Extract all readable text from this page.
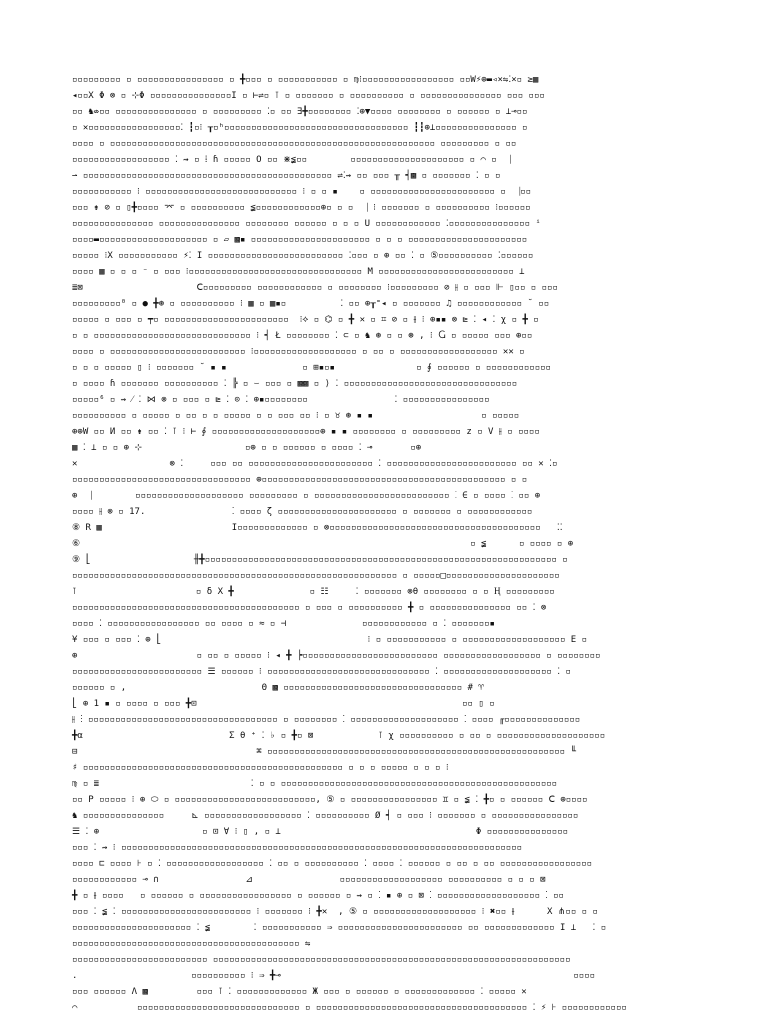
▫▫▫▫▫▫▫▫▫ ▫ ▫▫▫▫▫▫▫▫▫▫▫▫▫▫▫▫ ▫ ╋▫▫▫ ▫ ▫▫▫▫▫▫▫▫▫▫▫ ▫ ♍⁝▫▫▫▫▫▫▫▫▫▫▫▫▫▫▫▫▫ ▫▫W⚡⊕▬◃×⇋⁚×▫ ≥▦
◂▫▫X Φ ⊗ ▫ ⊹Φ ▫▫▫▫▫▫▫▫▫▫▫▫▫▫▫I ▫ ⊢⇌▫ ⊺ ▫ ▫▫▫▫▫▫▫ ▫ ▫▫▫▫▫▫▫▫▫▫ ▫ ▫▫▫▫▫▫▫▫▫▫▫▫▫▫▫ ▫▫▫ ▫▫▫
▫▫ ♞⇎▫▫ ▫▫▫▫▫▫▫▫▫▫▫▫▫▫▫ ▫ ▫▫▫▫▫▫▫▫▫ ⁚▫ ▫▫ ∃╋▫▫▫▫▫▫▫▫ ⁚⊕▼▫▫▫▫ ▫▫▫▫▫▫▫▫ ▫ ▫▫▫▫▫▫ ▫ ⊥⊸▫▫
▫ ✕▫▫▫▫▫▫▫▫▫▫▫▫▫▫▫▫▫⁚ ┇▫⁝ ┰▫ʰ▫▫▫▫▫▫▫▫▫▫▫▫▫▫▫▫▫▫▫▫▫▫▫▫▫▫▫▫▫▫▫▫▫▫ ┇┇⊕⊥▫▫▫▫▫▫▫▫▫▫▫▫▫▫▫ ▫
▫▫▫▫ ▫ ▫▫▫▫▫▫▫▫▫▫▫▫▫▫▫▫▫▫▫▫▫▫▫▫▫▫▫▫▫▫▫▫▫▫▫▫▫▫▫▫▫▫▫▫▫▫▫▫▫▫▫▫▫▫▫▫▫▫▫▫ ▫▫▫▫▫▫▫▫▫ ▫ ▫▫
▫▫▫▫▫▫▫▫▫▫▫▫▫▫▫▫▫▫ ⁚ ⇝ ▫ ⁞ ɦ ▫▫▫▫▫ O ▫▫ ⋇≨▫▫        ▫▫▫▫▫▫▫▫▫▫▫▫▫▫▫▫▫▫▫▫▫ ▫ ⌒ ▫ ⎹
⇀ ▫▫▫▫▫▫▫▫▫▫▫▫▫▫▫▫▫▫▫▫▫▫▫▫▫▫▫▫▫▫▫▫▫▫▫▫▫▫▫▫▫▫▫▫▫▫ ⇌⁚⇝ ▫▫ ▫▫▫ ╥ ┥▩ ▫ ▫▫▫▫▫▫▫ ⁚ ▫ ▫
▫▫▫▫▫▫▫▫▫▫▫ ⁝ ▫▫▫▫▫▫▫▫▫▫▫▫▫▫▫▫▫▫▫▫▫▫▫▫▫▫▫▫ ⁝ ▫ ▫ ▪    ▫ ▫▫▫▫▫▫▫▫▫▫▫▫▫▫▫▫▫▫▫▫▫▫▫ ▫ ⎹▫▫
▫▫▫ ⇟ ⊘ ▫ ▯╋▫▫▫▫ ⌤ ▫ ▫▫▫▫▫▫▫▫▫▫ ≨▫▫▫▫▫▫▫▫▫▫▫▫⊕▫ ▫ ▫ ⎹ ⁝ ▫▫▫▫▫▫▫ ▫ ▫▫▫▫▫▫▫▫▫▫ ⁝▫▫▫▫▫▫
▫▫▫▫▫▫▫▫▫▫▫▫▫▫▫ ▫▫▫▫▫▫▫▫▫▫▫▫▫▫▫ ▫▫▫▫▫▫▫▫ ▫▫▫▫▫▫ ▫ ▫ ▫ U ▫▫▫▫▫▫▫▫▫▫▫▫ ⁚▫▫▫▫▫▫▫▫▫▫▫▫▫▫▫ ⁱ
▫▫▫▫▬▫▫▫▫▫▫▫▫▫▫▫▫▫▫▫▫▫▫▫▫ ▫ ▱ ▩▪ ▫▫▫▫▫▫▫▫▫▫▫▫▫▫▫▫▫▫▫▫▫▫ ▫ ▫ ▫ ▫▫▫▫▫▫▫▫▫▫▫▫▫▫▫▫▫▫▫▫▫▫
▫▫▫▫▫ ⁝X ▫▫▫▫▫▫▫▫▫▫▫ ⚡⁚ I ▫▫▫▫▫▫▫▫▫▫▫▫▫▫▫▫▫▫▫▫▫▫▫▫▫ ⁚▫▫▫ ▫ ⊕ ▫▫ ⁚ ▫ ⑤▫▫▫▫▫▫▫▫▫▫ ⁚▫▫▫▫▫▫
▫▫▫▫ ▦ ▫ ▫ ▫ ⁻ ▫ ▫▫▫ ⁝▫▫▫▫▫▫▫▫▫▫▫▫▫▫▫▫▫▫▫▫▫▫▫▫▫▫▫▫▫▫▫▫ M ▫▫▫▫▫▫▫▫▫▫▫▫▫▫▫▫▫▫▫▫▫▫▫▫▫ ⊥
≣⊠                     Ⅽ▫▫▫▫▫▫▫▫▫ ▫▫▫▫▫▫▫▫▫▫▫▫ ▫ ▫▫▫▫▫▫▫▫ ⁝▫▫▫▫▫▫▫▫▫ ⊘ ⫲ ▫ ▫▫▫ ⊩ ▯▫▫ ▫ ▫▫▫
▫▫▫▫▫▫▫▫▫⁰ ▫ ● ╋⊛ ▫ ▫▫▫▫▫▫▫▫▫▫ ⁝ ▦ ▫ ▦▪▫          ⁚ ▫▫ ⊕┰⁼◂ ▫ ▫▫▫▫▫▫▫ ♫ ▫▫▫▫▫▫▫▫▫▫▫▫ ˘ ▫▫
▫▫▫▫▫ ▫ ▫▫▫ ▫ ┯▫ ▫▫▫▫▫▫▫▫▫▫▫▫▫▫▫▫▫▫▫▫▫▫▫  ⁝⟡ ▫ ⌬ ▫ ╋ ✕ ▫ ⌗ ⊘ ▫ ⫲ ⁝ ⊕▪▪ ⊗ ⊵ ⁚ ◂ ⁚ χ ▫ ╋ ▫
▫ ▫ ▫▫▫▫▫▫▫▫▫▫▫▫▫▫▫▫▫▫▫▫▫▫▫▫▫▫▫▫▫ ⁝ ┥ Ł ▫▫▫▫▫▫▫▫ ⁚ ⊂ ▫ ♞ ⊛ ▫ ▫ ⊛ , ⁝ Ⴚ ▫ ▫▫▫▫▫ ▫▫▫ ⊕▫▫
▫▫▫▫ ▫ ▫▫▫▫▫▫▫▫▫▫▫▫▫▫▫▫▫▫▫▫▫▫▫▫▫ ⁝▫▫▫▫▫▫▫▫▫▫▫▫▫▫▫▫▫▫▫ ▫ ▫▫ ▫ ▫▫▫▫▫▫▫▫▫▫▫▫▫▫▫▫▫▫ ✕✕ ▫
▫ ▫ ▫ ▫▫▫▫▫ ▯ ⁝ ▫▫▫▫▫▫▫ ˘ ▪ ▪              ▫ ⊞▪▫▪               ▫ ∮ ▫▫▫▫▫▫ ▫ ▫▫▫▫▫▫▫▫▫▫▫▫
▫ ▫▫▫▫ ɦ ▫▫▫▫▫▫▫ ▫▫▫▫▫▫▫▫▫▫ ⁚ ╠ ▫ ⌣ ▫▫▫ ▫ ▩▩ ▫ ⟩ ⁚ ▫▫▫▫▫▫▫▫▫▫▫▫▫▫▫▫▫▫▫▫▫▫▫▫▫▫▫▫▫▫▫▫
▫▫▫▫▫⁶ ▫ ⇝ ⁄ ⁚ ⋈ ⊗ ▫ ▫▫▫ ▫ ⊵ ⁚ ⊙ ⁚ ⊕▪▫▫▫▫▫▫▫▫                ⁚ ▫▫▫▫▫▫▫▫▫▫▫▫▫▫▫▫
▫▫▫▫▫▫▫▫▫▫ ▫ ▫▫▫▫▫ ▫ ▫▫ ▫ ▫ ▫▫▫▫▫ ▫ ▫ ▫▫▫ ▫▫ ⁝ ▫ ♉ ⊛ ▪ ▪                    ▫ ▫▫▫▫▫
⊕⊕W ▫▫ И ▫▫ ⇟ ▫▫ ⁚ ⊺ ⁝ ⊢ ∮ ▫▫▫▫▫▫▫▫▫▫▫▫▫▫▫▫▫▫▫▫⊕ ▪ ▪ ▫▫▫▫▫▫▫▫ ▫ ▫▫▫▫▫▫▫▫▫ z ▫ V ⫲ ▫ ▫▫▫▫
▦ ⁚ ⊥ ▫ ▫ ⊕ ⊹                   ▫⊕ ▫ ▫ ▫▫▫▫▫▫ ▫ ▫▫▫▫ ⁚ ⊸       ▫⊕
✕                 ⊗ ⁚     ▫▫▫ ▫▫ ▫▫▫▫▫▫▫▫▫▫▫▫▫▫▫▫▫▫▫▫▫▫▫ ⁚ ▫▫▫▫▫▫▫▫▫▫▫▫▫▫▫▫▫▫▫▫▫▫▫▫ ▫▫ ✕ ⁚▫
▫▫▫▫▫▫▫▫▫▫▫▫▫▫▫▫▫▫▫▫▫▫▫▫▫▫▫▫▫▫▫▫▫ ⊕▫▫▫▫▫▫▫▫▫▫▫▫▫▫▫▫▫▫▫▫▫▫▫▫▫▫▫▫▫▫▫▫▫▫▫▫▫▫▫▫▫▫▫▫▫ ▫ ▫
⊕ ⎹        ▫▫▫▫▫▫▫▫▫▫▫▫▫▫▫▫▫▫▫▫ ▫▫▫▫▫▫▫▫▫ ▫ ▫▫▫▫▫▫▫▫▫▫▫▫▫▫▫▫▫▫▫▫▫▫▫▫▫ ⁚ ∈ ▫ ▫▫▫▫ ⁚ ▫▫ ⊕
▫▫▫▫ ⫲ ⊗ ▫ 17.                ⁚ ▫▫▫▫ ζ ▫▫▫▫▫▫▫▫▫▫▫▫▫▫▫▫▫▫▫▫▫▫ ▫ ▫▫▫▫▫▫▫ ▫ ▫▫▫▫▫▫▫▫▫▫▫▫
⑧ R ▦                        I▫▫▫▫▫▫▫▫▫▫▫▫▫ ▫ ⊗▫▫▫▫▫▫▫▫▫▫▫▫▫▫▫▫▫▫▫▫▫▫▫▫▫▫▫▫▫▫▫▫▫▫▫▫▫▫▫   ⁚⁚
⑥                                                                        ▫ ≨      ▫ ▫▫▫▫ ▫ ⊕
⑨ ⎣                   ╫╋▫▫▫▫▫▫▫▫▫▫▫▫▫▫▫▫▫▫▫▫▫▫▫▫▫▫▫▫▫▫▫▫▫▫▫▫▫▫▫▫▫▫▫▫▫▫▫▫▫▫▫▫▫▫▫▫▫▫▫▫▫▫▫▫▫ ▫
▫▫▫▫▫▫▫▫▫▫▫▫▫▫▫▫▫▫▫▫▫▫▫▫▫▫▫▫▫▫▫▫▫▫▫▫▫▫▫▫▫▫▫▫▫▫▫▫▫▫▫▫▫▫▫▫▫▫▫▫ ▫ ▫▫▫▫▫□▫▫▫▫▫▫▫▫▫▫▫▫▫▫▫▫▫▫▫▫▫
⊺                      ▫ δ X ╋              ▫ ☷     ⁚ ▫▫▫▫▫▫▫ ⊗θ ▫▫▫▫▫▫▫▫ ▫ ▫ Ⱨ ▫▫▫▫▫▫▫▫▫
▫▫▫▫▫▫▫▫▫▫▫▫▫▫▫▫▫▫▫▫▫▫▫▫▫▫▫▫▫▫▫▫▫▫▫▫▫▫▫▫▫▫ ▫ ▫▫▫ ▫ ▫▫▫▫▫▫▫▫▫▫ ╋ ▫ ▫▫▫▫▫▫▫▫▫▫▫▫▫▫▫ ▫▫ ⁚ ⊗
▫▫▫▫ ⁚ ▫▫▫▫▫▫▫▫▫▫▫▫▫▫▫▫▫ ▫▫ ▫▫▫▫ ▫ ≈ ▫ ⊣              ▫▫▫▫▫▫▫▫▫▫▫▫ ▫ ⁚ ▫▫▫▫▫▫▫▪
¥ ▫▫▫ ▫ ▫▫▫ ⁚ ⊕ ⎣                                      ⁝ ▫ ▫▫▫▫▫▫▫▫▫▫▫ ▫ ▫▫▫▫▫▫▫▫▫▫▫▫▫▫▫▫▫▫▫ E ▫
⊕                      ▫ ▫▫ ▫ ▫▫▫▫▫ ⁝ ◂ ╋ ┝▫▫▫▫▫▫▫▫▫▫▫▫▫▫▫▫▫▫▫▫▫▫▫▫▫ ▫▫▫▫▫▫▫▫▫▫▫▫▫▫▫▫▫▫ ▫ ▫▫▫▫▫▫▫▫
▫▫▫▫▫▫▫▫▫▫▫▫▫▫▫▫▫▫▫▫▫▫▫▫ ☰ ▫▫▫▫▫▫ ⁝ ▫▫▫▫▫▫▫▫▫▫▫▫▫▫▫▫▫▫▫▫▫▫▫▫▫▫▫▫▫▫ ⁚ ▫▫▫▫▫▫▫▫▫▫▫▫▫▫▫▫▫▫▫▫ ⁚ ▫
▫▫▫▫▫▫ ▫ ,                         Θ ▩ ▫▫▫▫▫▫▫▫▫▫▫▫▫▫▫▫▫▫▫▫▫▫▫▫▫▫▫▫▫▫▫▫▫ # ♈
⎣ ⊕ 1 ▪ ▫ ▫▫▫▫ ▫ ▫▫▫ ╋⊡                                                 ▫▫ ▯ ▫
⫲ ⁝ ▫▫▫▫▫▫▫▫▫▫▫▫▫▫▫▫▫▫▫▫▫▫▫▫▫▫▫▫▫▫▫▫▫▫▫ ▫ ▫▫▫▫▫▫▫▫ ⁚ ▫▫▫▫▫▫▫▫▫▫▫▫▫▫▫▫▫▫▫▫ ⁚ ▫▫▫▫ ╓▫▫▫▫▫▫▫▫▫▫▫▫▫▫
╋α                           Σ θ ⁺ ⁚ ♭ ▫ ╋▫ ⊠            ⊺ χ ▫▫▫▫▫▫▫▫▫▫ ▫ ▫▫ ▫ ▫▫▫▫▫▫▫▫▫▫▫▫▫▫▫▫▫▫▫▫
⊟                                 ⌘ ▫▫▫▫▫▫▫▫▫▫▫▫▫▫▫▫▫▫▫▫▫▫▫▫▫▫▫▫▫▫▫▫▫▫▫▫▫▫▫▫▫▫▫▫▫▫▫▫▫▫▫▫▫▫▫ ╙
♯ ▫▫▫▫▫▫▫▫▫▫▫▫▫▫▫▫▫▫▫▫▫▫▫▫▫▫▫▫▫▫▫▫▫▫▫▫▫▫▫▫▫▫▫▫▫▫▫▫ ▫ ▫ ▫ ▫▫▫▫▫ ▫ ▫ ▫ ⁝
♍ ▫ ≣                            ⁚ ▫ ▫ ▫▫▫▫▫▫▫▫▫▫▫▫▫▫▫▫▫▫▫▫▫▫▫▫▫▫▫▫▫▫▫▫▫▫▫▫▫▫▫▫▫▫▫▫▫▫▫▫▫▫▫
▫▫ P ▫▫▫▫▫ ⁝ ⊕ ⬭ ▫ ▫▫▫▫▫▫▫▫▫▫▫▫▫▫▫▫▫▫▫▫▫▫▫▫▫▫, ⑤ ▫ ▫▫▫▫▫▫▫▫▫▫▫▫▫▫▫▫ ♊ ▫ ≨ ⁚ ╋▫ ▫ ▫▫▫▫▫▫ Ⅽ ⊕▫▫▫▫
♞ ▫▫▫▫▫▫▫▫▫▫▫▫▫▫▫     ⊾ ▫▫▫▫▫▫▫▫▫▫▫▫▫▫▫▫▫▫ ⁚ ▫▫▫▫▫▫▫▫▫▫ Ø ┥ ▫ ▫▫▫ ⁝ ▫▫▫▫▫▫▫ ▫ ▫▫▫▫▫▫▫▫▫▫▫▫▫▫▫▫
☰ ⁚ ⊕                   ▫ ⊡ ∀ ⁝ ▯ , ▫ ⊥                                    Φ ▫▫▫▫▫▫▫▫▫▫▫▫▫▫▫
▫▫▫ ⁚ ⇝ ⁝ ▫▫▫▫▫▫▫▫▫▫▫▫▫▫▫▫▫▫▫▫▫▫▫▫▫▫▫▫▫▫▫▫▫▫▫▫▫▫▫▫▫▫▫▫▫▫▫▫▫▫▫▫▫▫▫▫▫▫▫▫▫▫▫▫▫▫▫▫▫▫▫▫▫▫
▫▫▫▫ ⊏ ▫▫▫▫ ⊦ ▫ ⁚ ▫▫▫▫▫▫▫▫▫▫▫▫▫▫▫▫▫▫ ⁚ ▫▫ ▫ ▫▫▫▫▫▫▫▫▫▫ ⁚ ▫▫▫▫ ⁚ ▫▫▫▫▫▫ ▫ ▫▫ ▫ ▫▫ ▫▫▫▫▫▫▫▫▫▫▫▫▫▫▫▫▫
▫▫▫▫▫▫▫▫▫▫▫▫ ⊸ ∩                ⊿                ▫▫▫▫▫▫▫▫▫▫▫▫▫▫▫▫▫▫▫ ▫▫▫▫▫▫▫▫▫▫ ▫ ▫ ▫ ⊠
╋ ▫ ⫲ ▫▫▫▫   ▫ ▫▫▫▫▫▫ ▫ ▫▫▫▫▫▫▫▫▫▫▫▫▫▫▫▫▫ ▫ ▫▫▫▫▫▫ ▫ ⇝ ▫ ⁚ ▪ ⊕ ▫ ⊠ ⁚ ▫▫▫▫▫▫▫▫▫▫▫▫▫▫▫▫▫▫▫ ⁚ ▫▫
▫▫▫ ⁚ ≨ ⁚ ▫▫▫▫▫▫▫▫▫▫▫▫▫▫▫▫▫▫▫▫▫▫▫▫ ⁝ ▫▫▫▫▫▫▫ ⁝ ╋✕  , ⑤ ▫ ▫▫▫▫▫▫▫▫▫▫▫▫▫▫▫▫▫▫▫ ⁝ ✖▫▫ ⫲      X ⋔▫▫ ▫ ▫
▫▫▫▫▫▫▫▫▫▫▫▫▫▫▫▫▫▫▫▫▫▫ ⁚ ≨        ⁚ ▫▫▫▫▫▫▫▫▫▫▫ ⇒ ▫▫▫▫▫▫▫▫▫▫▫▫▫▫▫▫▫▫▫▫▫▫▫ ▫▫ ▫▫▫▫▫▫▫▫▫▫▫▫▫ I ⊥   ⁚ ▫
▫▫▫▫▫▫▫▫▫▫▫▫▫▫▫▫▫▫▫▫▫▫▫▫▫▫▫▫▫▫▫▫▫▫▫▫▫▫▫▫▫▫ ⇋
▫▫▫▫▫▫▫▫▫▫▫▫▫▫▫▫▫▫▫▫▫▫▫▫▫ ▫▫▫▫▫▫▫▫▫▫▫▫▫▫▫▫▫▫▫▫▫▫▫▫▫▫▫▫▫▫▫▫▫▫▫▫▫▫▫▫▫▫▫▫▫▫▫▫▫▫▫▫▫▫▫▫▫▫▫▫▫▫▫▫▫▫
.                     ▫▫▫▫▫▫▫▫▫▫ ⁝ ⇒ ╋⊸                                                      ▫▫▫▫
▫▫▫ ▫▫▫▫▫▫ Λ ▩         ▫▫▫ ⊺ ⁚ ▫▫▫▫▫▫▫▫▫▫▫▫▫ Ж ▫▫▫ ▫ ▫▫▫▫▫▫ ▫ ▫▫▫▫▫▫▫▫▫▫▫▫▫ ⁚ ▫▫▫▫▫ ✕
⌒           ▫▫▫▫▫▫▫▫▫▫▫▫▫▫▫▫▫▫▫▫▫▫▫▫▫▫▫▫▫▫ ▫ ▫▫▫▫▫▫▫▫▫▫▫▫▫▫▫▫▫▫▫▫▫▫▫▫▫▫▫▫▫▫▫▫▫▫▫▫▫▫▫ ⁚ ⚡ ⊦ ▫▫▫▫▫▫▫▫▫▫▫▫
